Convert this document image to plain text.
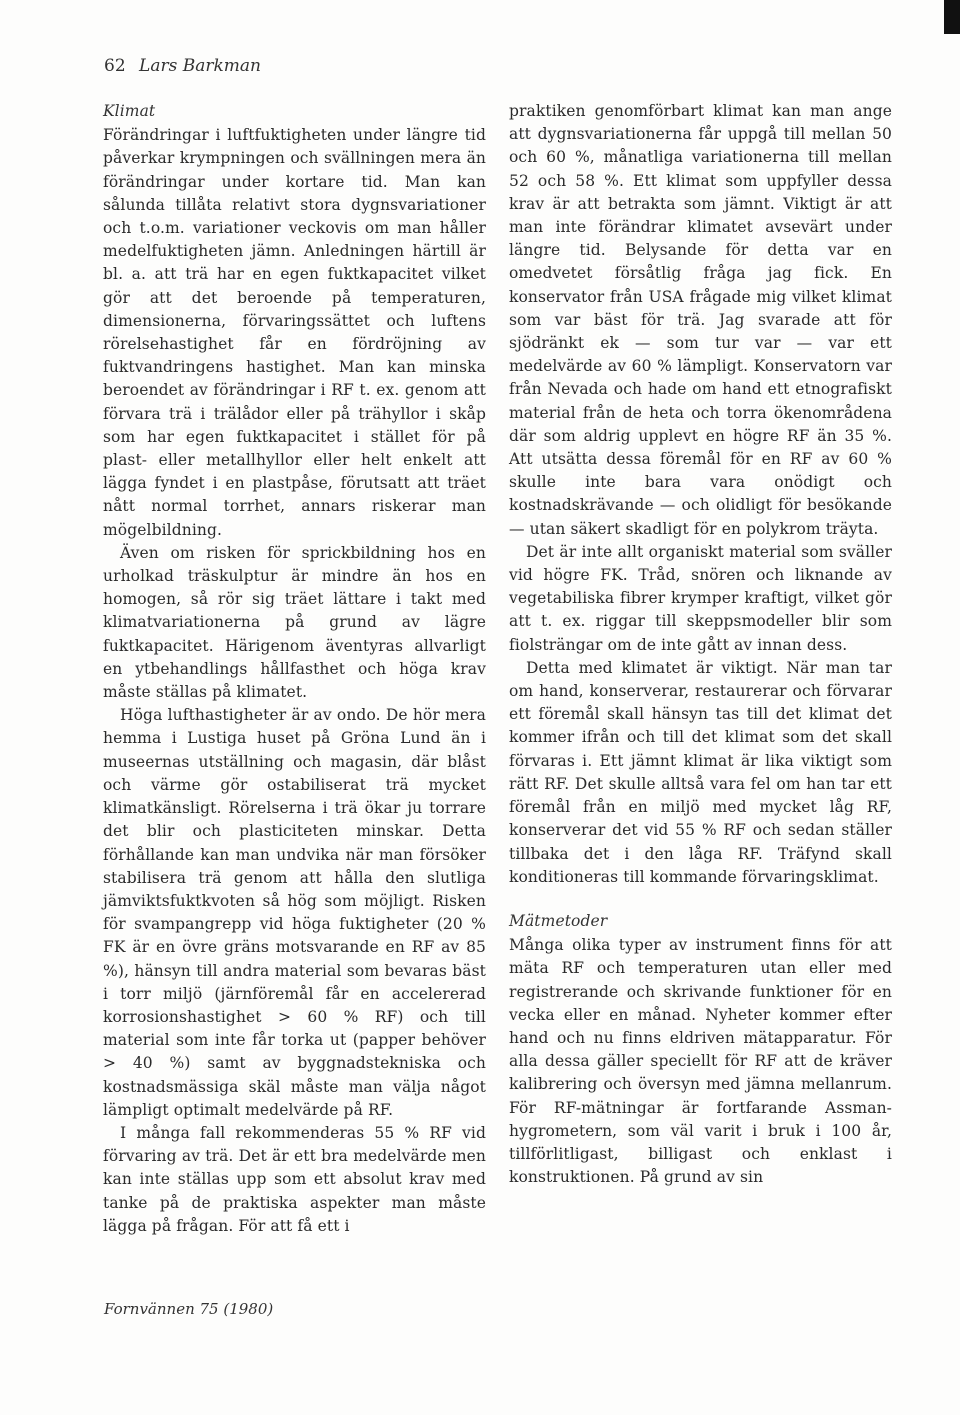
62 Lars Barkman
Klimat

Förändringar i luftfuktigheten under längre tid påverkar krympningen och svällningen mera än förändringar under kortare tid. Man kan sålunda tillåta relativt stora dygnsvariationer och t.o.m. variationer veckovis om man håller medelfuktigheten jämn. Anledningen härtill är bl. a. att trä har en egen fuktkapacitet vilket gör att det beroende på temperaturen, dimensionerna, förvaringssättet och luftens rörelsehastighet får en fördröjning av fuktvandringens hastighet. Man kan minska beroendet av förändringar i RF t. ex. genom att förvara trä i trälådor eller på trähyllor i skåp som har egen fuktkapacitet i stället för på plast- eller metallhyllor eller helt enkelt att lägga fyndet i en plastpåse, förutsatt att träet nått normal torrhet, annars riskerar man mögelbildning.

Även om risken för sprickbildning hos en urholkad träskulptur är mindre än hos en homogen, så rör sig träet lättare i takt med klimatvariationerna på grund av lägre fuktkapacitet. Härigenom äventyras allvarligt en ytbehandlings hållfasthet och höga krav måste ställas på klimatet.

Höga lufthastigheter är av ondo. De hör mera hemma i Lustiga huset på Gröna Lund än i museernas utställning och magasin, där blåst och värme gör ostabiliserat trä mycket klimatkänsligt. Rörelserna i trä ökar ju torrare det blir och plasticiteten minskar. Detta förhållande kan man undvika när man försöker stabilisera trä genom att hålla den slutliga jämviktsfuktkvoten så hög som möjligt. Risken för svampangrepp vid höga fuktigheter (20 % FK är en övre gräns motsvarande en RF av 85 %), hänsyn till andra material som bevaras bäst i torr miljö (järnföremål får en accelererad korrosionshastighet > 60 % RF) och till material som inte får torka ut (papper behöver > 40 %) samt av byggnadstekniska och kostnadsmässiga skäl måste man välja något lämpligt optimalt medelvärde på RF.

I många fall rekommenderas 55 % RF vid förvaring av trä. Det är ett bra medelvärde men kan inte ställas upp som ett absolut krav med tanke på de praktiska aspekter man måste lägga på frågan. För att få ett i

praktiken genomförbart klimat kan man ange att dygnsvariationerna får uppgå till mellan 50 och 60 %, månatliga variationerna till mellan 52 och 58 %. Ett klimat som uppfyller dessa krav är att betrakta som jämnt. Viktigt är att man inte förändrar klimatet avsevärt under längre tid. Belysande för detta var en omedvetet försåtlig fråga jag fick. En konservator från USA frågade mig vilket klimat som var bäst för trä. Jag svarade att för sjödränkt ek — som tur var — var ett medelvärde av 60 % lämpligt. Konservatorn var från Nevada och hade om hand ett etnografiskt material från de heta och torra ökenområdena där som aldrig upplevt en högre RF än 35 %. Att utsätta dessa föremål för en RF av 60 % skulle inte bara vara onödigt och kostnadskrävande — och olidligt för besökande — utan säkert skadligt för en polykrom träyta.

Det är inte allt organiskt material som sväller vid högre FK. Tråd, snören och liknande av vegetabiliska fibrer krymper kraftigt, vilket gör att t. ex. riggar till skeppsmodeller blir som fiolsträngar om de inte gått av innan dess.

Detta med klimatet är viktigt. När man tar om hand, konserverar, restaurerar och förvarar ett föremål skall hänsyn tas till det klimat det kommer ifrån och till det klimat som det skall förvaras i. Ett jämnt klimat är lika viktigt som rätt RF. Det skulle alltså vara fel om han tar ett föremål från en miljö med mycket låg RF, konserverar det vid 55 % RF och sedan ställer tillbaka det i den låga RF. Träfynd skall konditioneras till kommande förvaringsklimat.

Mätmetoder

Många olika typer av instrument finns för att mäta RF och temperaturen utan eller med registrerande och skrivande funktioner för en vecka eller en månad. Nyheter kommer efter hand och nu finns eldriven mätapparatur. För alla dessa gäller speciellt för RF att de kräver kalibrering och översyn med jämna mellanrum. För RF-mätningar är fortfarande Assman-hygrometern, som väl varit i bruk i 100 år, tillförlitligast, billigast och enklast i konstruktionen. På grund av sin

Fornvännen 75 (1980)
